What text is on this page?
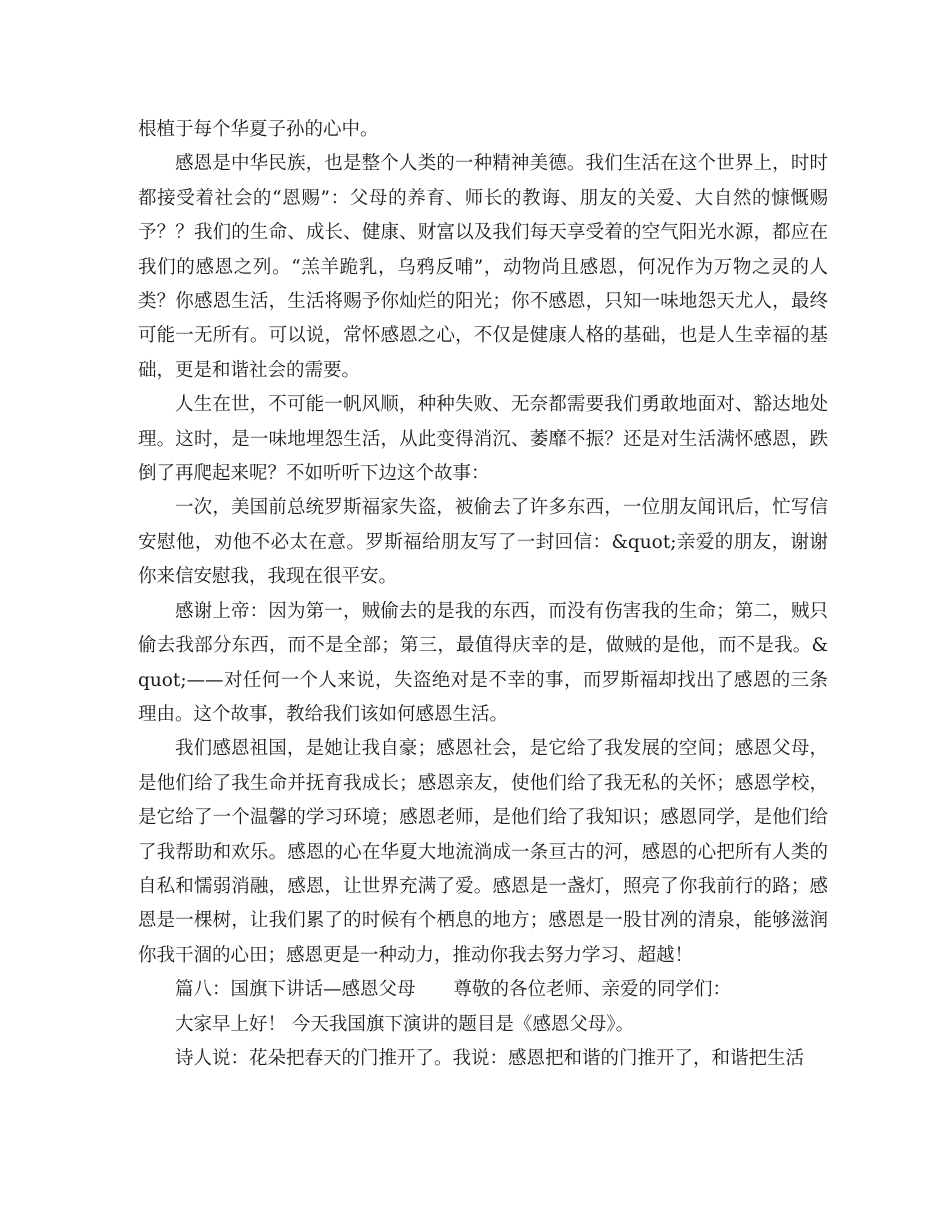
根植于每个华夏子孙的心中。

感恩是中华民族，也是整个人类的一种精神美德。我们生活在这个世界上，时时都接受着社会的“恩赐”：父母的养育、师长的教诲、朋友的关爱、大自然的慷慨赐予？？我们的生命、成长、健康、财富以及我们每天享受着的空气阳光水源，都应在我们的感恩之列。“羔羊跪乳，乌鸦反哺”，动物尚且感恩，何况作为万物之灵的人类？你感恩生活，生活将赐予你灿烂的阳光；你不感恩，只知一味地怨天尤人，最终可能一无所有。可以说，常怀感恩之心，不仅是健康人格的基础，也是人生幸福的基础，更是和谐社会的需要。

人生在世，不可能一帆风顺，种种失败、无奈都需要我们勇敢地面对、豁达地处理。这时，是一味地埋怨生活，从此变得消沉、萎靡不振？还是对生活满怀感恩，跌倒了再爬起来呢？不如听听下边这个故事：

一次，美国前总统罗斯福家失盗，被偷去了许多东西，一位朋友闻讯后，忙写信安慰他，劝他不必太在意。罗斯福给朋友写了一封回信：&quot;亲爱的朋友，谢谢你来信安慰我，我现在很平安。

感谢上帝：因为第一，贼偷去的是我的东西，而没有伤害我的生命；第二，贼只偷去我部分东西，而不是全部；第三，最值得庆幸的是，做贼的是他，而不是我。&quot;——对任何一个人来说，失盗绝对是不幸的事，而罗斯福却找出了感恩的三条理由。这个故事，教给我们该如何感恩生活。

我们感恩祖国，是她让我自豪；感恩社会，是它给了我发展的空间；感恩父母，是他们给了我生命并抚育我成长；感恩亲友，使他们给了我无私的关怀；感恩学校，是它给了一个温馨的学习环境；感恩老师，是他们给了我知识；感恩同学，是他们给了我帮助和欢乐。感恩的心在华夏大地流淌成一条亘古的河，感恩的心把所有人类的自私和懦弱消融，感恩，让世界充满了爱。感恩是一盏灯，照亮了你我前行的路；感恩是一棵树，让我们累了的时候有个栖息的地方；感恩是一股甘冽的清泉，能够滋润你我干涸的心田；感恩更是一种动力，推动你我去努力学习、超越！

篇八：国旗下讲话—感恩父母 尊敬的各位老师、亲爱的同学们：

大家早上好！ 今天我国旗下演讲的题目是《感恩父母》。

诗人说：花朵把春天的门推开了。我说：感恩把和谐的门推开了，和谐把生活
